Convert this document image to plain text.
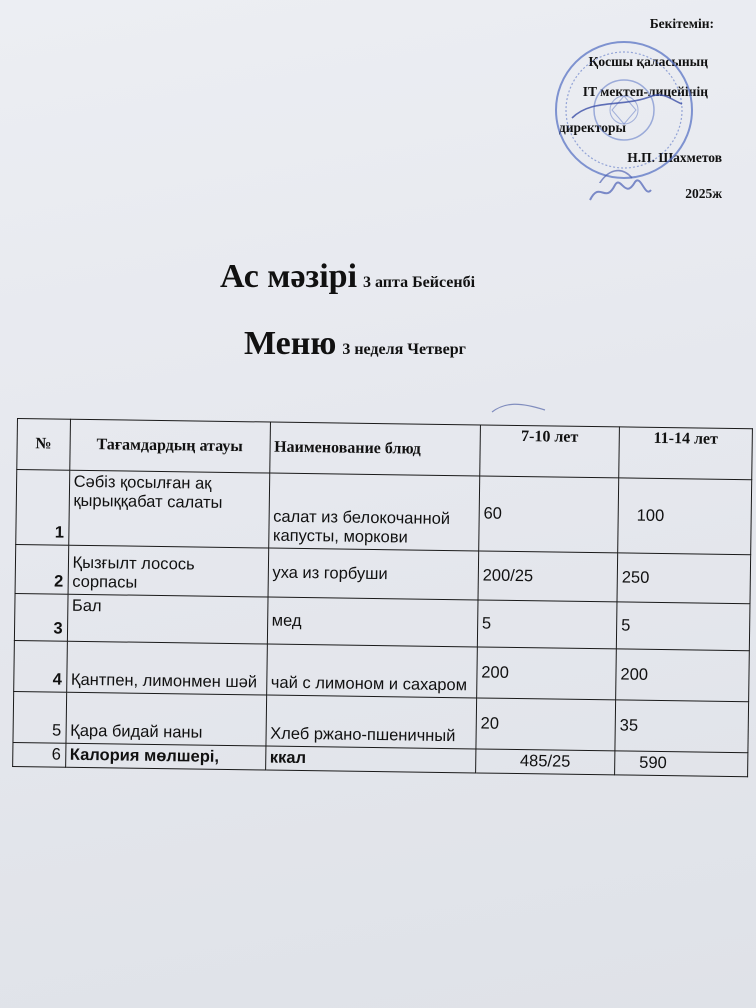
Бекітемін:
Қосшы қаласының
IT мектеп-лицейінің
директоры
Н.П. Шахметов
2025ж
Ас мәзірі 3 апта Бейсенбі
Меню 3 неделя Четверг
№	Тағамдардың атауы	Наименование блюд	7-10 лет	11-14 лет
1	Сәбіз қосылған ақ қырыққабат салаты	салат из белокочанной капусты, моркови	60	100
2	Қызғылт лосось сорпасы	уха из горбуши	200/25	250
3	Бал	мед	5	5
4	Қантпен, лимонмен шәй	чай с лимоном и сахаром	200	200
5	Қара бидай наны	Хлеб ржано-пшеничный	20	35
6	Калория мөлшері,	ккал	485/25	590
